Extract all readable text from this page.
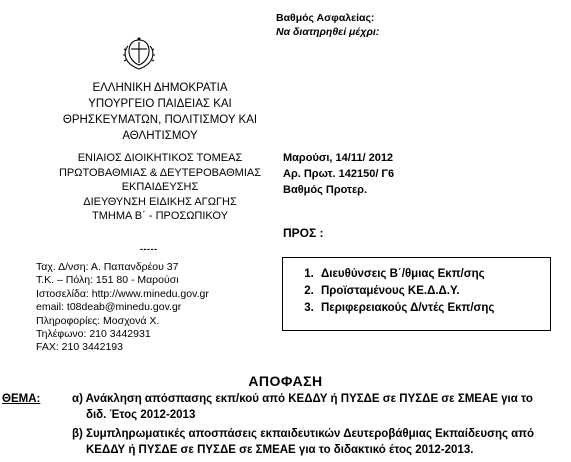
Βαθμός Ασφαλείας:
Να διατηρηθεί μέχρι:
ΕΛΛΗΝΙΚΗ ΔΗΜΟΚΡΑΤΙΑ
ΥΠΟΥΡΓΕΙΟ ΠΑΙΔΕΙΑΣ ΚΑΙ
ΘΡΗΣΚΕΥΜΑΤΩΝ, ΠΟΛΙΤΙΣΜΟΥ ΚΑΙ
ΑΘΛΗΤΙΣΜΟΥ
ΕΝΙΑΙΟΣ ΔΙΟΙΚΗΤΙΚΟΣ ΤΟΜΕΑΣ
ΠΡΩΤΟΒΑΘΜΙΑΣ & ΔΕΥΤΕΡΟΒΑΘΜΙΑΣ
ΕΚΠΑΙΔΕΥΣΗΣ
ΔΙΕΥΘΥΝΣΗ ΕΙΔΙΚΗΣ ΑΓΩΓΗΣ
ΤΜΗΜΑ Β΄ - ΠΡΟΣΩΠΙΚΟΥ
-----
Ταχ. Δ/νση: Α. Παπανδρέου 37
Τ.Κ. – Πόλη: 151 80 - Μαρούσι
Ιστοσελίδα: http://www.minedu.gov.gr
email: t08deab@minedu.gov.gr
Πληροφορίες: Μοσχονά Χ.
Τηλέφωνο: 210 3442931
FAX: 210 3442193
Μαρούσι, 14/11/ 2012
Αρ. Πρωτ. 142150/ Γ6
Βαθμός Προτερ.
ΠΡΟΣ :
1. Διευθύνσεις Β΄/θμιας Εκπ/σης
2. Προϊσταμένους ΚΕ.Δ.Δ.Υ.
3. Περιφερειακούς Δ/ντές Εκπ/σης
ΑΠΟΦΑΣΗ
ΘΕΜΑ:	α) Ανάκληση απόσπασης εκπ/κού από ΚΕΔΔΥ ή ΠΥΣΔΕ σε ΠΥΣΔΕ σε ΣΜΕΑΕ για το
διδ. Έτος 2012-2013
β) Συμπληρωματικές αποσπάσεις εκπαιδευτικών Δευτεροβάθμιας Εκπαίδευσης από
ΚΕΔΔΥ ή ΠΥΣΔΕ σε ΠΥΣΔΕ σε ΣΜΕΑΕ για το διδακτικό έτος 2012-2013.
